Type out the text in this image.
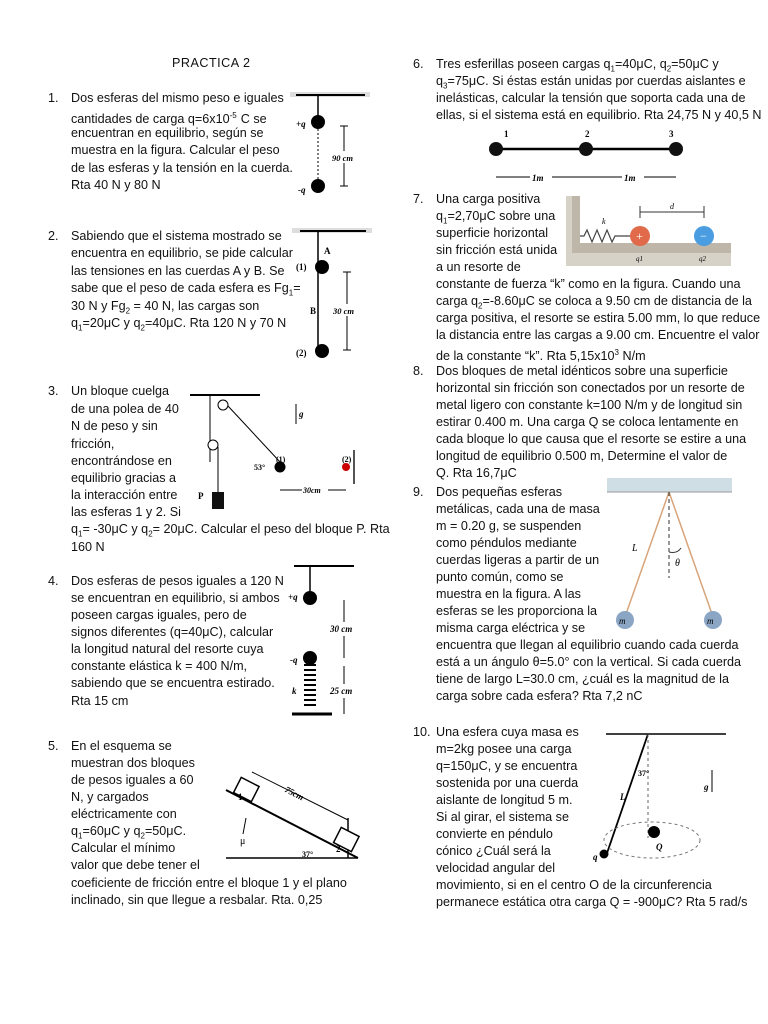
PRACTICA 2
1. Dos esferas del mismo peso e iguales
cantidades de carga $q=6x10^{-5}$ C se
encuentran en equilibrio, según se
muestra en la figura. Calcular el peso
de las esferas y la tensión en la cuerda.
Rta 40 N y 80 N
+q
-q
90 cm
2. Sabiendo que el sistema mostrado se
encuentra en equilibrio, se pide calcular
las tensiones en las cuerdas A y B. Se
sabe que el peso de cada esfera es $Fg_1=$
30 N y $Fg_2 = 40$ N, las cargas son
$q_1=20\mu C$ y $q_2=40\mu C$. Rta 120 N y 70 N
A
B
(1)
(2)
30 cm
3. Un bloque cuelga
de una polea de 40
N de peso y sin
fricción,
encontrándose en
equilibrio gracias a
la interacción entre
las esferas 1 y 2. Si
$q_1= -30\mu C$ y $q_2= 20\mu C$. Calcular el peso del bloque P. Rta
160 N
P
53°
(1)	(2)
30cm
g
4. Dos esferas de pesos iguales a 120 N
se encuentran en equilibrio, si ambos
poseen cargas iguales, pero de
signos diferentes (q=40μC), calcular
la longitud natural del resorte cuya
constante elástica k = 400 N/m,
sabiendo que se encuentra estirado.
Rta 15 cm
+q
-q
k
30 cm
25 cm
5. En el esquema se
muestran dos bloques
de pesos iguales a 60
N, y cargados
eléctricamente con
$q_1=60\mu C$ y $q_2=50\mu C$.
Calcular el mínimo
valor que debe tener el
coeficiente de fricción entre el bloque 1 y el plano
inclinado, sin que llegue a resbalar. Rta. 0,25
1
2
75cm
μ
37°
6. Tres esferillas poseen cargas $q_1=40\mu C$, $q_2=50\mu C$ y
$q_3=75\mu C$. Si éstas están unidas por cuerdas aislantes e
inelásticas, calcular la tensión que soporta cada una de
ellas, si el sistema está en equilibrio. Rta 24,75 N y 40,5 N
1	2	3
1m	1m
7. Una carga positiva
$q_1=2,70\mu C$ sobre una
superficie horizontal
sin fricción está unida
a un resorte de
constante de fuerza “k” como en la figura. Cuando una
carga $q_2=-8.60\mu C$ se coloca a 9.50 cm de distancia de la
carga positiva, el resorte se estira 5.00 mm, lo que reduce
la distancia entre las cargas a 9.00 cm. Encuentre el valor
de la constante “k”. Rta $5,15x10^3$ N/m
k
+	−
d
q1	q2
8. Dos bloques de metal idénticos sobre una superficie
horizontal sin fricción son conectados por un resorte de
metal ligero con constante k=100 N/m y de longitud sin
estirar 0.400 m. Una carga Q se coloca lentamente en
cada bloque lo que causa que el resorte se estire a una
longitud de equilibrio 0.500 m, Determine el valor de
Q. Rta 16,7μC
9. Dos pequeñas esferas
metálicas, cada una de masa
m = 0.20 g, se suspenden
como péndulos mediante
cuerdas ligeras a partir de un
punto común, como se
muestra en la figura. A las
esferas se les proporciona la
misma carga eléctrica y se
encuentra que llegan al equilibrio cuando cada cuerda
está a un ángulo θ=5.0° con la vertical. Si cada cuerda
tiene de largo L=30.0 cm, ¿cuál es la magnitud de la
carga sobre cada esfera? Rta 7,2 nC
L
θ
m	m
10. Una esfera cuya masa es
m=2kg posee una carga
q=150μC, y se encuentra
sostenida por una cuerda
aislante de longitud 5 m.
Si al girar, el sistema se
convierte en péndulo
cónico ¿Cuál será la
velocidad angular del
movimiento, si en el centro O de la circunferencia
permanece estática otra carga Q = -900μC? Rta 5 rad/s
37°
L
g
Q
q
